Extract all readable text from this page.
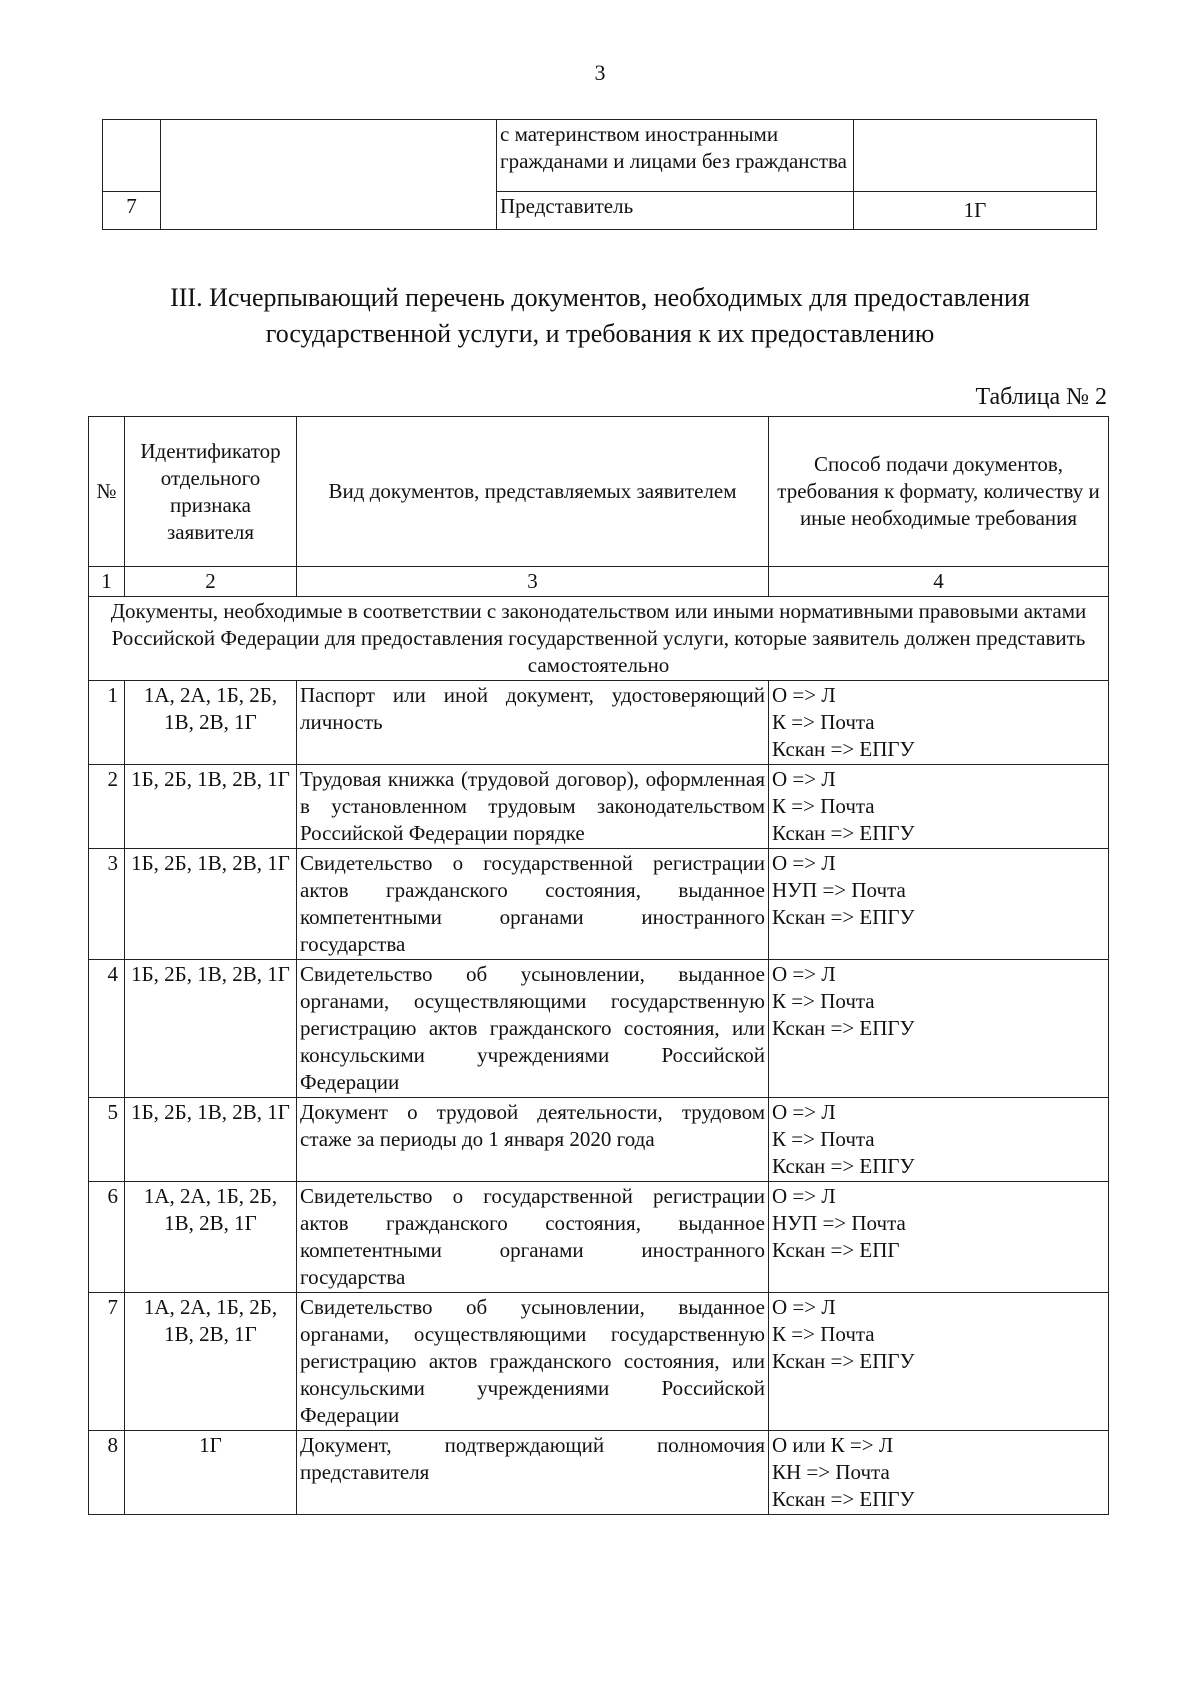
3
		с материнством иностранными гражданами и лицами без гражданства	
7		Представитель	1Г
III. Исчерпывающий перечень документов, необходимых для предоставления государственной услуги, и требования к их предоставлению
Таблица № 2
№	Идентификатор отдельного признака заявителя	Вид документов, представляемых заявителем	Способ подачи документов, требования к формату, количеству и иные необходимые требования
1	2	3	4
Документы, необходимые в соответствии с законодательством или иными нормативными правовыми актами Российской Федерации для предоставления государственной услуги, которые заявитель должен представить самостоятельно			
1	1А, 2А, 1Б, 2Б, 1В, 2В, 1Г	Паспорт или иной документ, удостоверяющий личность	О => Л
К => Почта
Кскан => ЕПГУ

2	1Б, 2Б, 1В, 2В, 1Г	Трудовая книжка (трудовой договор), оформленная в установленном трудовым законодательством Российской Федерации порядке	О => Л
К => Почта
Кскан => ЕПГУ

3	1Б, 2Б, 1В, 2В, 1Г	Свидетельство о государственной регистрации актов гражданского состояния, выданное компетентными органами иностранного государства	О => Л
НУП => Почта
Кскан => ЕПГУ

4	1Б, 2Б, 1В, 2В, 1Г	Свидетельство об усыновлении, выданное органами, осуществляющими государственную регистрацию актов гражданского состояния, или консульскими учреждениями Российской Федерации	О => Л
К => Почта
Кскан => ЕПГУ

5	1Б, 2Б, 1В, 2В, 1Г	Документ о трудовой деятельности, трудовом стаже за периоды до 1 января 2020 года	О => Л
К => Почта
Кскан => ЕПГУ

6	1А, 2А, 1Б, 2Б, 1В, 2В, 1Г	Свидетельство о государственной регистрации актов гражданского состояния, выданное компетентными органами иностранного государства	О => Л
НУП => Почта
Кскан => ЕПГ

7	1А, 2А, 1Б, 2Б, 1В, 2В, 1Г	Свидетельство об усыновлении, выданное органами, осуществляющими государственную регистрацию актов гражданского состояния, или консульскими учреждениями Российской Федерации	О => Л
К => Почта
Кскан => ЕПГУ

8	1Г	Документ, подтверждающий полномочия представителя	О или К => Л
КН => Почта
Кскан => ЕПГУ
